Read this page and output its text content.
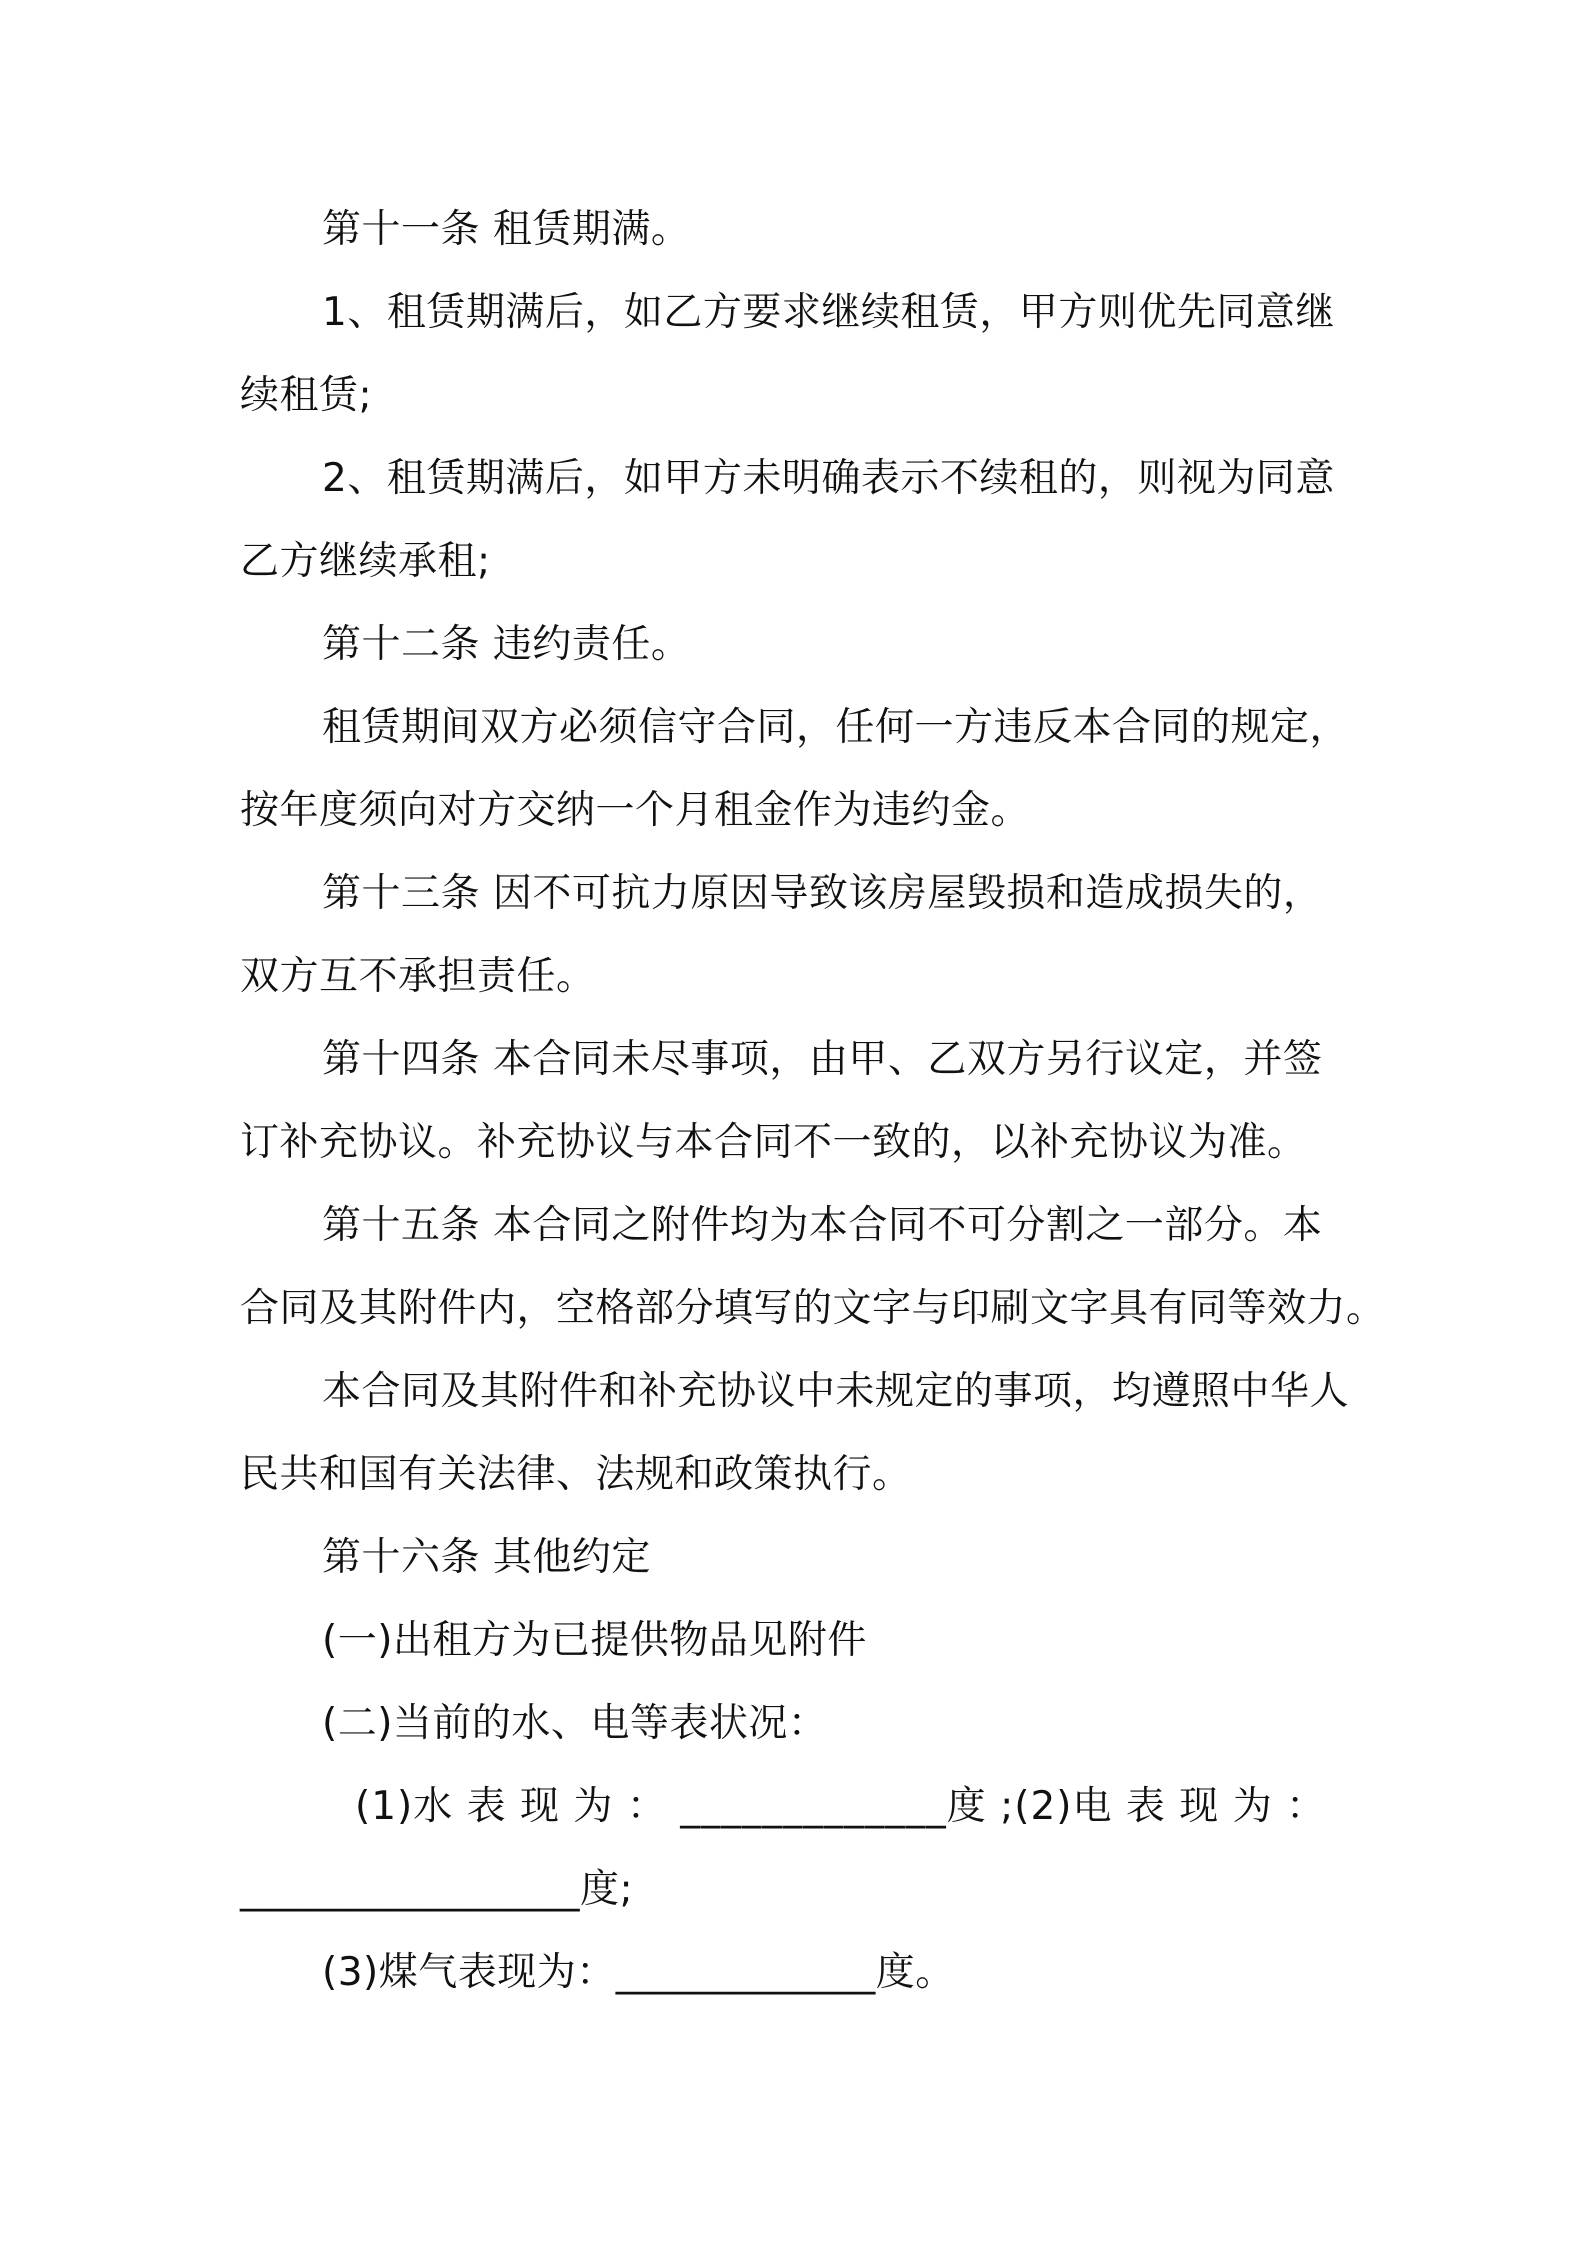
第十一条 租赁期满。
1、租赁期满后，如乙方要求继续租赁，甲方则优先同意继
续租赁;
2、租赁期满后，如甲方未明确表示不续租的，则视为同意
乙方继续承租;
第十二条 违约责任。
租赁期间双方必须信守合同，任何一方违反本合同的规定，
按年度须向对方交纳一个月租金作为违约金。
第十三条 因不可抗力原因导致该房屋毁损和造成损失的，
双方互不承担责任。
第十四条 本合同未尽事项，由甲、乙双方另行议定，并签
订补充协议。补充协议与本合同不一致的，以补充协议为准。
第十五条 本合同之附件均为本合同不可分割之一部分。本
合同及其附件内，空格部分填写的文字与印刷文字具有同等效力。
本合同及其附件和补充协议中未规定的事项，均遵照中华人
民共和国有关法律、法规和政策执行。
第十六条 其他约定
(一)出租方为已提供物品见附件
(二)当前的水、电等表状况：
(1)水 表 现 为 ： _____________度 ;(2)电 表 现 为 ：
_________________度;
(3)煤气表现为：_____________度。
